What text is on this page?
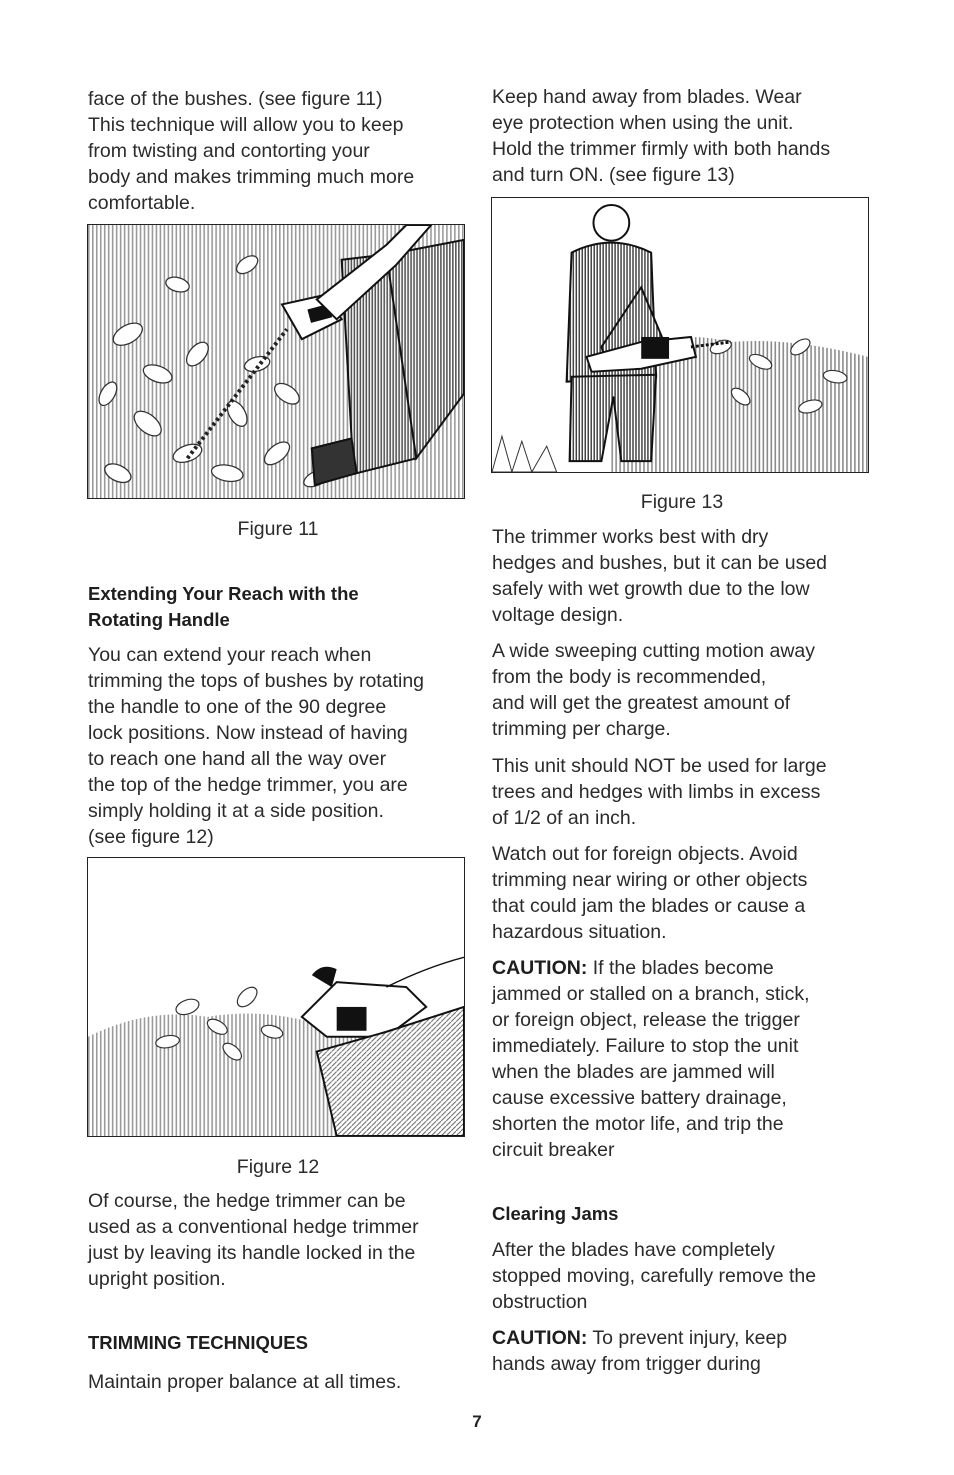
face of the bushes. (see figure 11)
This technique will allow you to keep
from twisting and contorting your
body and makes trimming much more
comfortable.

Figure 11

Extending Your Reach with the
Rotating Handle

You can extend your reach when
trimming the tops of bushes by rotating
the handle to one of the 90 degree
lock positions. Now instead of having
to reach one hand all the way over
the top of the hedge trimmer, you are
simply holding it at a side position.
(see figure 12)

Figure 12

Of course, the hedge trimmer can be
used as a conventional hedge trimmer
just by leaving its handle locked in the
upright position.

TRIMMING TECHNIQUES

Maintain proper balance at all times.

Keep hand away from blades. Wear
eye protection when using the unit.
Hold the trimmer firmly with both hands
and turn ON. (see figure 13)

Figure 13

The trimmer works best with dry
hedges and bushes, but it can be used
safely with wet growth due to the low
voltage design.

A wide sweeping cutting motion away
from the body is recommended,
and will get the greatest amount of
trimming per charge.

This unit should NOT be used for large
trees and hedges with limbs in excess
of 1/2 of an inch.

Watch out for foreign objects. Avoid
trimming near wiring or other objects
that could jam the blades or cause a
hazardous situation.

CAUTION: If the blades become
jammed or stalled on a branch, stick,
or foreign object, release the trigger
immediately. Failure to stop the unit
when the blades are jammed will
cause excessive battery drainage,
shorten the motor life, and trip the
circuit breaker

Clearing Jams

After the blades have completely
stopped moving, carefully remove the
obstruction

CAUTION: To prevent injury, keep
hands away from trigger during

7
